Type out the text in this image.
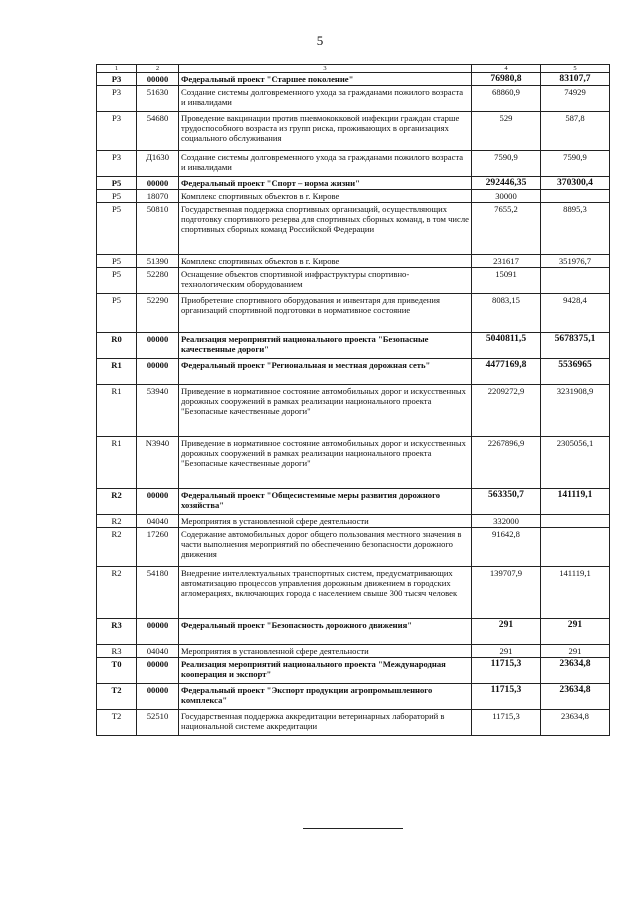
5
1	2	3	4	5
P3	00000	Федеральный проект "Старшее поколение"	76980,8	83107,7
P3	51630	Создание системы долговременного ухода за гражданами пожилого возраста и инвалидами	68860,9	74929
P3	54680	Проведение вакцинации против пневмококковой инфекции граждан старше трудоспособного возраста из групп риска, проживающих в организациях социального обслуживания	529	587,8
P3	Д1630	Создание системы долговременного ухода за гражданами пожилого возраста и инвалидами	7590,9	7590,9
P5	00000	Федеральный проект "Спорт – норма жизни"	292446,35	370300,4
P5	18070	Комплекс спортивных объектов в г. Кирове	30000	
P5	50810	Государственная поддержка спортивных организаций, осуществляющих подготовку спортивного резерва для спортивных сборных команд, в том числе спортивных сборных команд Российской Федерации	7655,2	8895,3
P5	51390	Комплекс спортивных объектов в г. Кирове	231617	351976,7
P5	52280	Оснащение объектов спортивной инфраструктуры спортивно-технологическим оборудованием	15091	
P5	52290	Приобретение спортивного оборудования и инвентаря для приведения организаций спортивной подготовки в нормативное состояние	8083,15	9428,4
R0	00000	Реализация мероприятий национального проекта "Безопасные качественные дороги"	5040811,5	5678375,1
R1	00000	Федеральный проект "Региональная и местная дорожная сеть"	4477169,8	5536965
R1	53940	Приведение в нормативное состояние автомобильных дорог и искусственных дорожных сооружений в рамках реализации национального проекта "Безопасные качественные дороги"	2209272,9	3231908,9
R1	N3940	Приведение в нормативное состояние автомобильных дорог и искусственных дорожных сооружений в рамках реализации национального проекта "Безопасные качественные дороги"	2267896,9	2305056,1
R2	00000	Федеральный проект "Общесистемные меры развития дорожного хозяйства"	563350,7	141119,1
R2	04040	Мероприятия в установленной сфере деятельности	332000	
R2	17260	Содержание автомобильных дорог общего пользования местного значения в части выполнения мероприятий по обеспечению безопасности дорожного движения	91642,8	
R2	54180	Внедрение интеллектуальных транспортных систем, предусматривающих автоматизацию процессов управления дорожным движением в городских агломерациях, включающих города с населением свыше 300 тысяч человек	139707,9	141119,1
R3	00000	Федеральный проект "Безопасность дорожного движения"	291	291
R3	04040	Мероприятия в установленной сфере деятельности	291	291
T0	00000	Реализация мероприятий национального проекта "Международная кооперация и экспорт"	11715,3	23634,8
T2	00000	Федеральный проект "Экспорт продукции агропромышленного комплекса"	11715,3	23634,8
T2	52510	Государственная поддержка аккредитации ветеринарных лабораторий в национальной системе аккредитации	11715,3	23634,8
